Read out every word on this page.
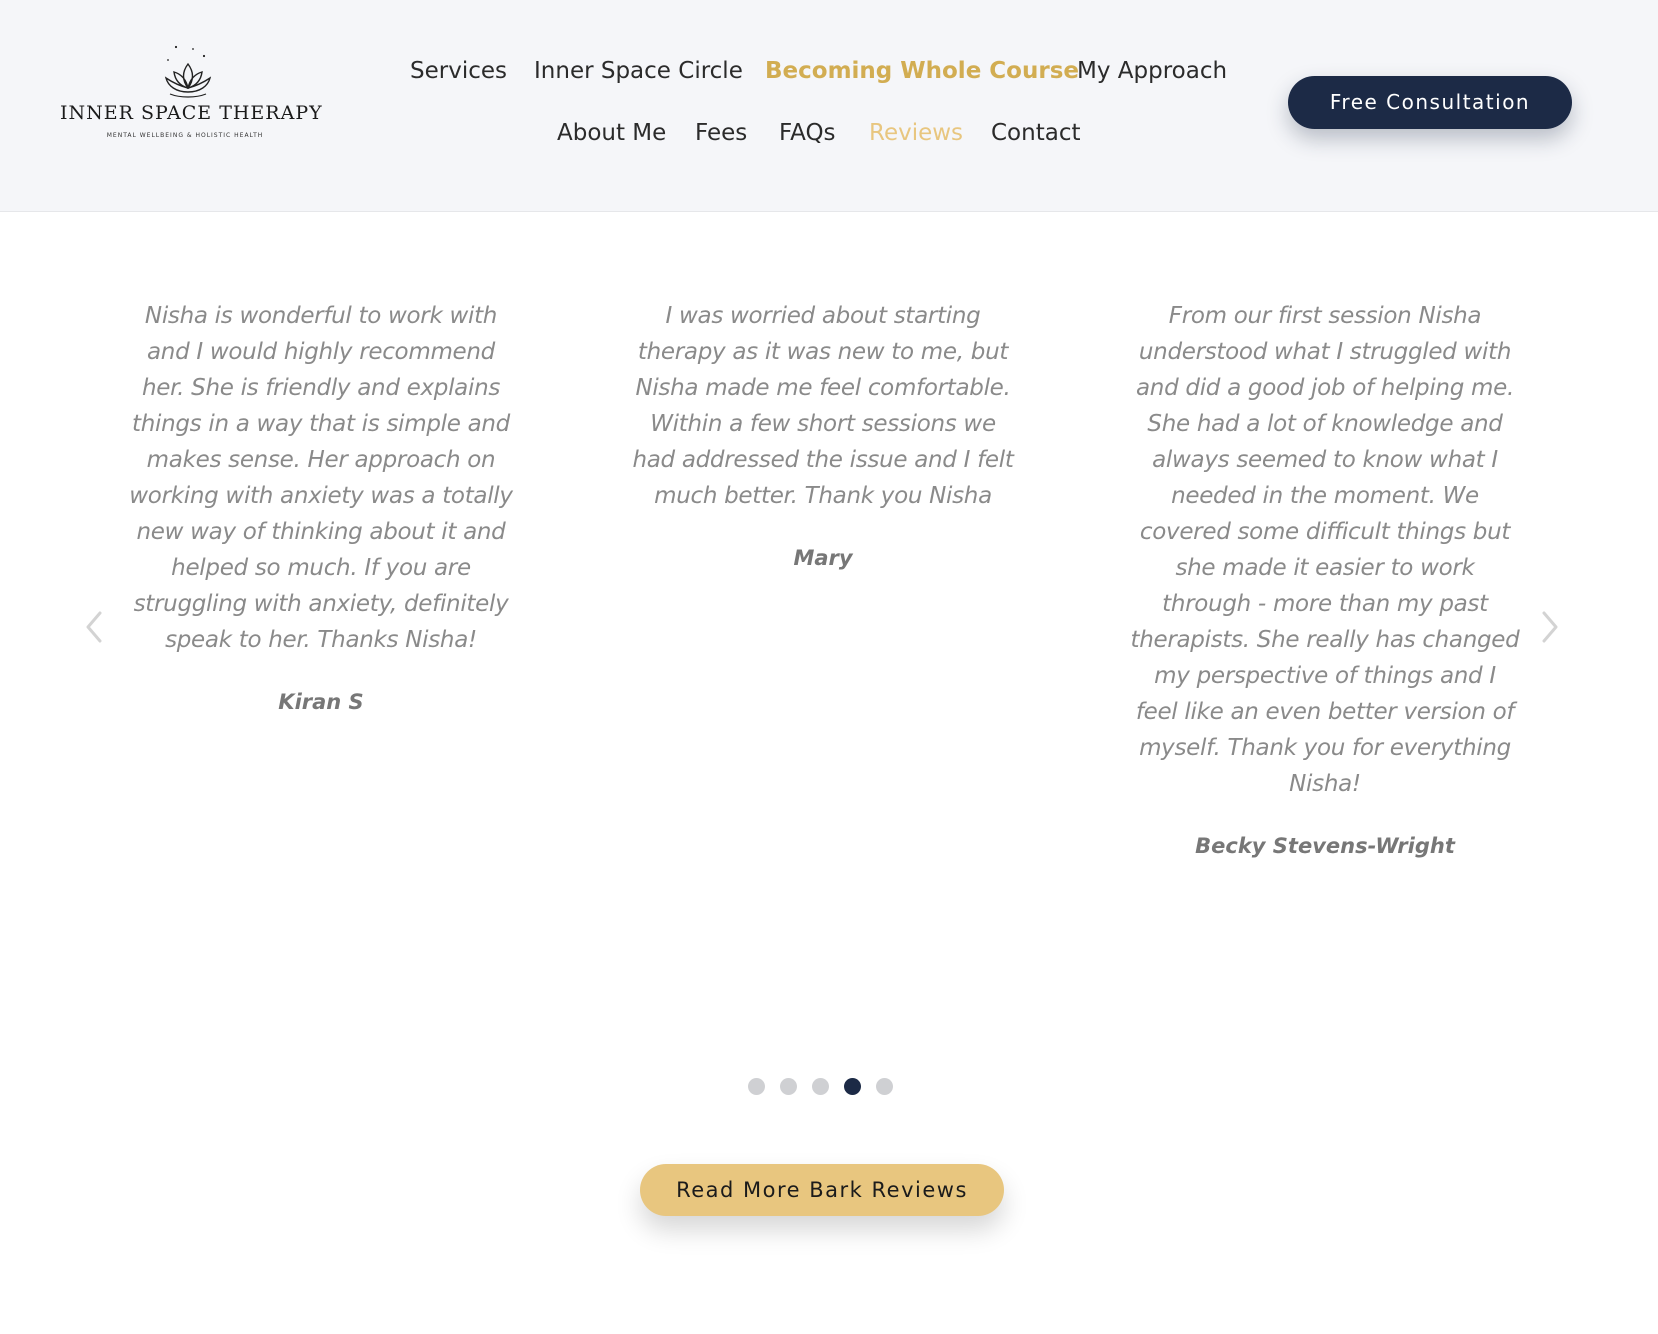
INNER SPACE THERAPY
MENTAL WELLBEING & HOLISTIC HEALTH
Services Inner Space Circle Becoming Whole Course
My Approach
About Me Fees FAQs Reviews Contact
Free Consultation

Nisha is wonderful to work with and I would highly recommend her. She is friendly and explains things in a way that is simple and makes sense. Her approach on working with anxiety was a totally new way of thinking about it and helped so much. If you are struggling with anxiety, definitely speak to her. Thanks Nisha!

Kiran S

I was worried about starting therapy as it was new to me, but Nisha made me feel comfortable. Within a few short sessions we had addressed the issue and I felt much better. Thank you Nisha

Mary

From our first session Nisha understood what I struggled with and did a good job of helping me. She had a lot of knowledge and always seemed to know what I needed in the moment. We covered some difficult things but she made it easier to work through - more than my past therapists. She really has changed my perspective of things and I feel like an even better version of myself. Thank you for everything Nisha!

Becky Stevens-Wright

Read More Bark Reviews
